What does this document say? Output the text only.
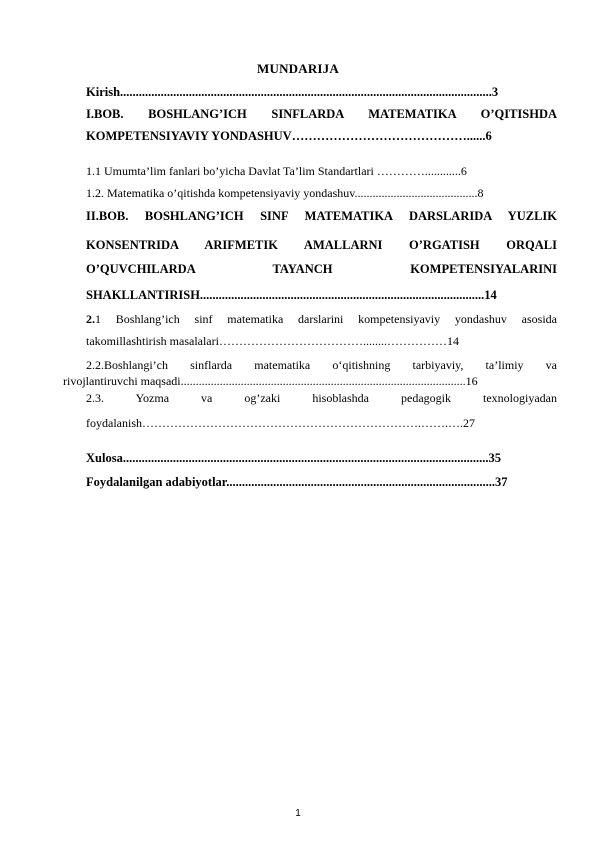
MUNDARIJA
Kirish.......................................................................................................................3
I.BOB. BOSHLANG’ICH SINFLARDA MATEMATIKA O’QITISHDA
KOMPETENSIYAVIY YONDASHUV……………………………………......6
1.1 Umumta’lim fanlari bo’yicha Davlat Ta’lim Standartlari …………............6
1.2. Matematika o’qitishda kompetensiyaviy yondashuv.........................................8
II.BOB. BOSHLANG’ICH SINF MATEMATIKA DARSLARIDA YUZLIK
KONSENTRIDA ARIFMETIK AMALLARNI O’RGATISH ORQALI
O’QUVCHILARDA TAYANCH KOMPETENSIYALARINI
SHAKLLANTIRISH...........................................................................................14
2.1 Boshlang’ich sinf matematika darslarini kompetensiyaviy yondashuv asosida
takomillashtirish masalalari………………………………........……………14
2.2.Boshlangi’ch sinflarda matematika o‘qitishning tarbiyaviy, ta’limiy va
rivojlantiruvchi maqsadi...............................................................................................16
2.3. Yozma va og’zaki hisoblashda pedagogik texnologiyadan
foydalanish…………………………………………………………….…….….27
Xulosa.....................................................................................................................35
Foydalanilgan adabiyotlar......................................................................................37
1
